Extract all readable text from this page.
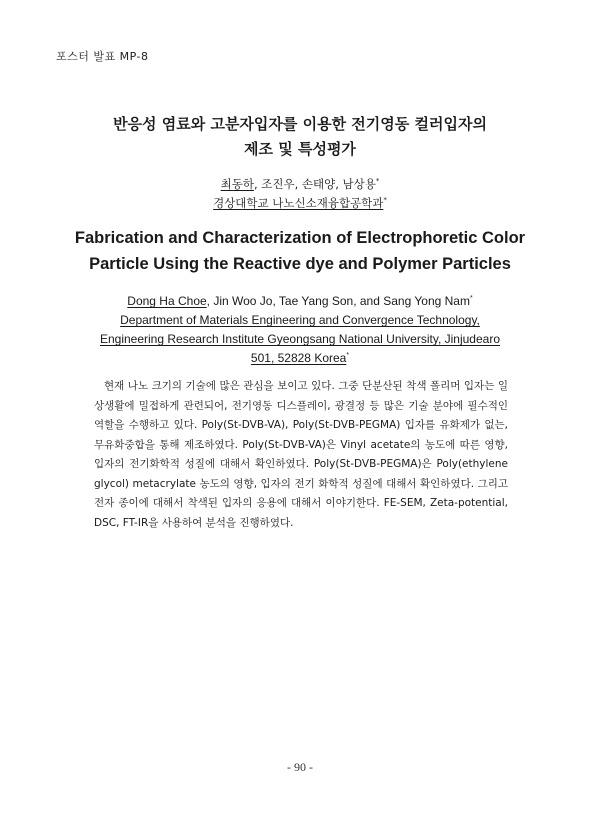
포스터 발표 MP-8
반응성 염료와 고분자입자를 이용한 전기영동 컬러입자의
제조 및 특성평가
최동하, 조진우, 손태양, 남상용*
경상대학교 나노신소재융합공학과*
Fabrication and Characterization of Electrophoretic Color
Particle Using the Reactive dye and Polymer Particles
Dong Ha Choe, Jin Woo Jo, Tae Yang Son, and Sang Yong Nam*
Department of Materials Engineering and Convergence Technology,
Engineering Research Institute Gyeongsang National University, Jinjudearo
501, 52828 Korea*

현재 나노 크기의 기술에 많은 관심을 보이고 있다. 그중 단분산된 착색 폴리머 입자는 일상생활에 밀접하게 관련되어, 전기영동 디스플레이, 광결정 등 많은 기술 분야에 필수적인 역할을 수행하고 있다. Poly(St-DVB-VA), Poly(St-DVB-PEGMA) 입자를 유화제가 없는, 무유화중합을 통해 제조하였다. Poly(St-DVB-VA)은 Vinyl acetate의 농도에 따른 영향, 입자의 전기화학적 성질에 대해서 확인하였다. Poly(St-DVB-PEGMA)은 Poly(ethylene glycol) metacrylate 농도의 영향, 입자의 전기 화학적 성질에 대해서 확인하였다. 그리고 전자 종이에 대해서 착색된 입자의 응용에 대해서 이야기한다. FE-SEM, Zeta-potential, DSC, FT-IR을 사용하여 분석을 진행하였다.

- 90 -
